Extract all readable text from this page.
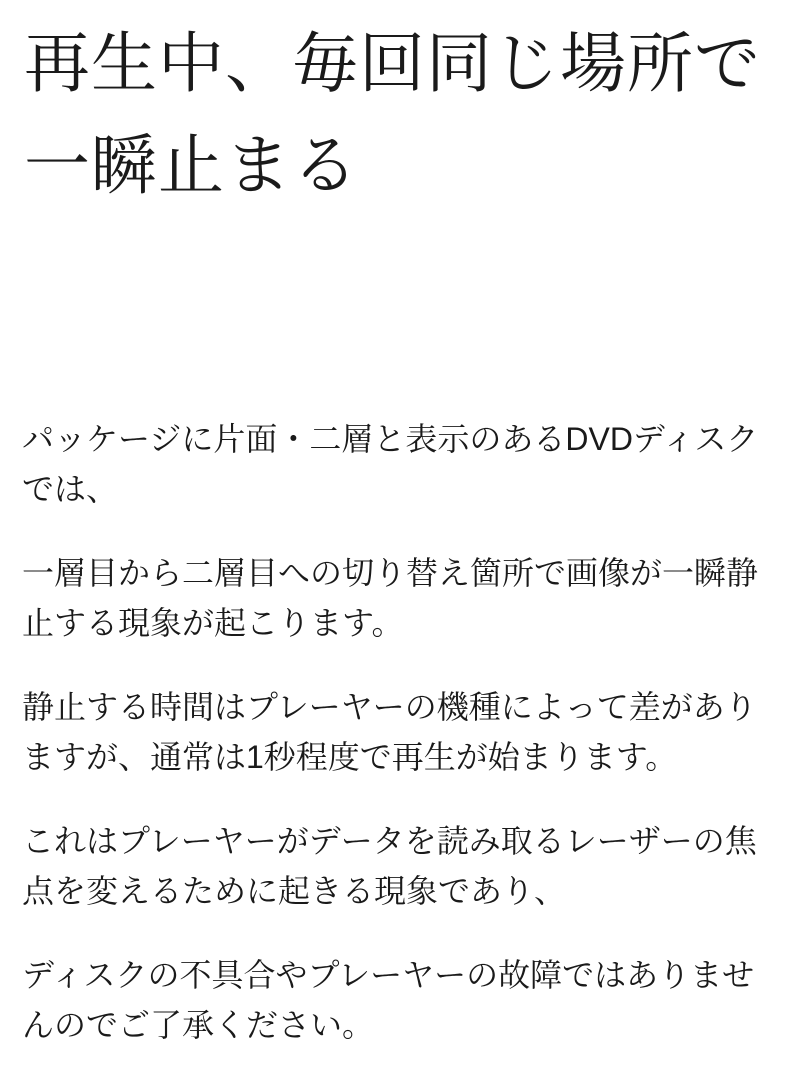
再生中、毎回同じ場所で一瞬止まる

パッケージに片面・二層と表示のあるDVDディスクでは、

一層目から二層目への切り替え箇所で画像が一瞬静止する現象が起こります。

静止する時間はプレーヤーの機種によって差がありますが、通常は1秒程度で再生が始まります。

これはプレーヤーがデータを読み取るレーザーの焦点を変えるために起きる現象であり、

ディスクの不具合やプレーヤーの故障ではありませんのでご了承ください。
